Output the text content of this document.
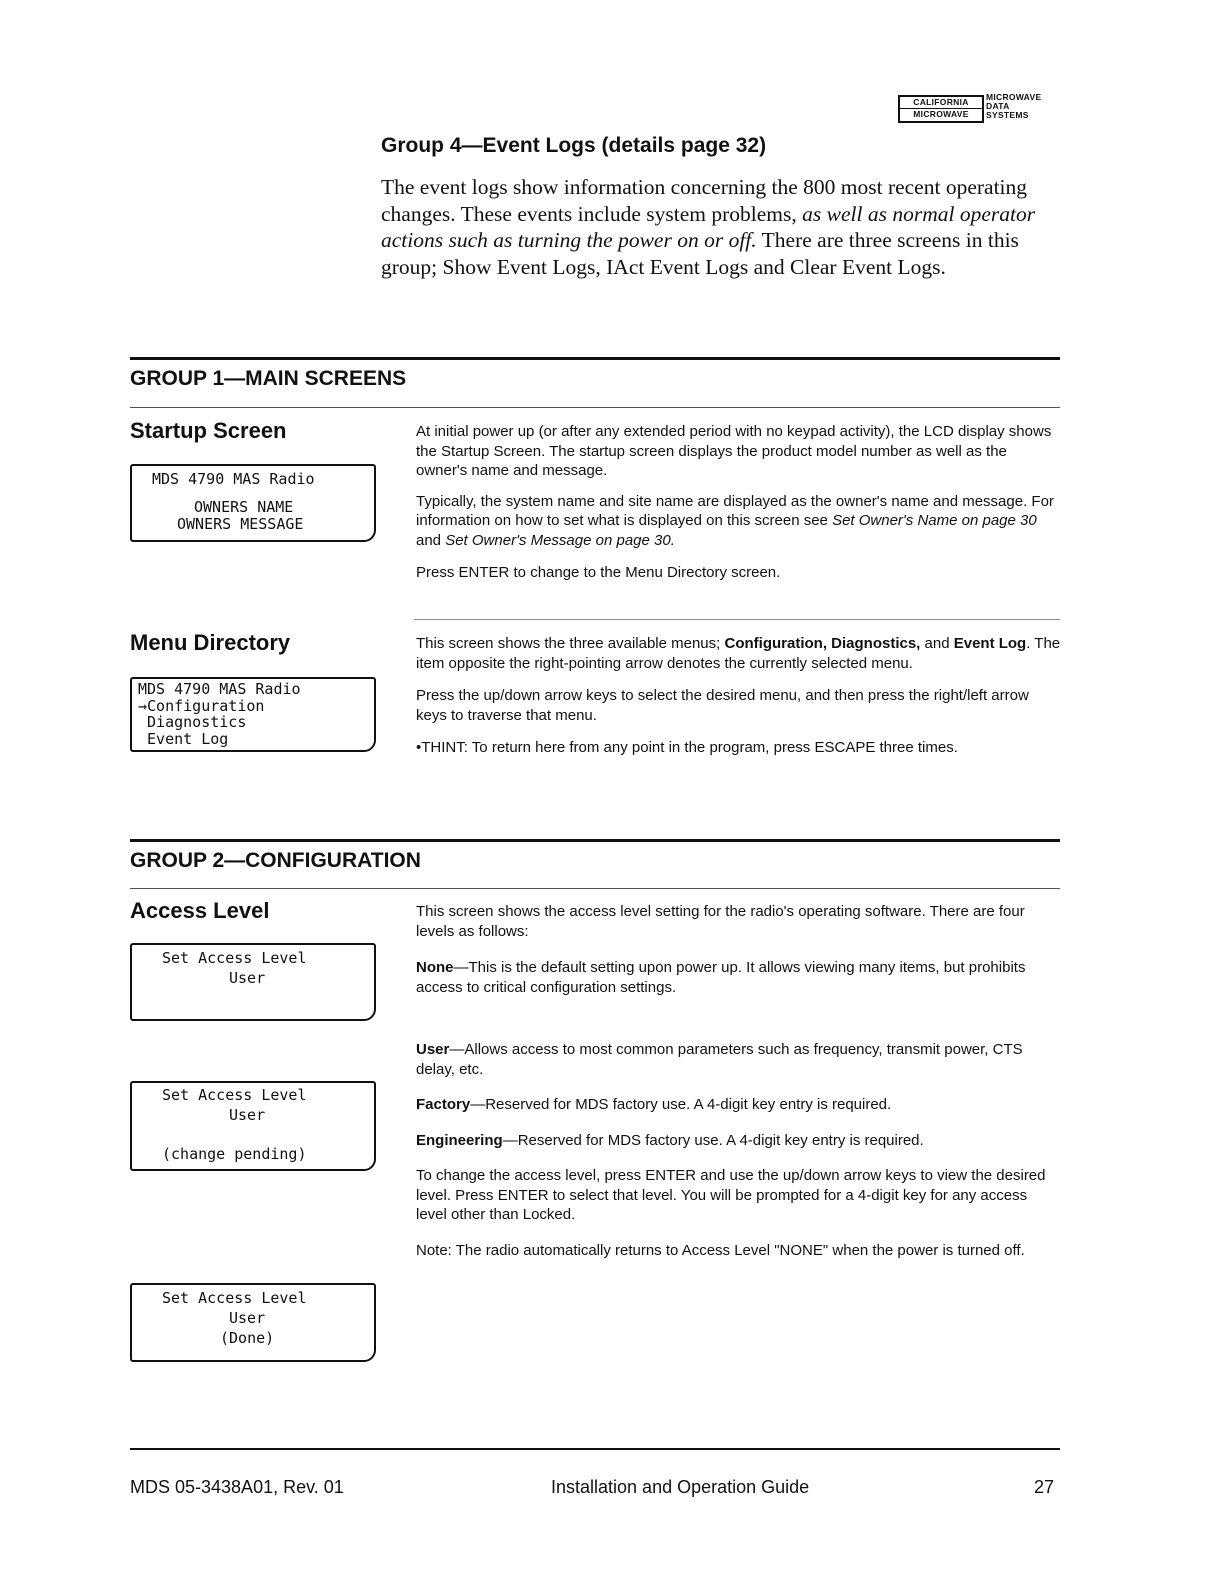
CALIFORNIA
MICROWAVE
MICROWAVE
DATA
SYSTEMS
Group 4—Event Logs (details page 32)
The event logs show information concerning the 800 most recent operating changes. These events include system problems, as well as normal operator actions such as turning the power on or off. There are three screens in this group; Show Event Logs, IAct Event Logs and Clear Event Logs.
GROUP 1—MAIN SCREENS
Startup Screen
MDS 4790 MAS Radio
OWNERS NAME
OWNERS MESSAGE

At initial power up (or after any extended period with no keypad activity), the LCD display shows the Startup Screen. The startup screen displays the product model number as well as the owner's name and message.

Typically, the system name and site name are displayed as the owner's name and message. For information on how to set what is displayed on this screen see Set Owner's Name on page 30 and Set Owner's Message on page 30.

Press ENTER to change to the Menu Directory screen.

Menu Directory
MDS 4790 MAS Radio
→Configuration
Diagnostics
Event Log

This screen shows the three available menus; Configuration, Diagnostics, and Event Log. The item opposite the right-pointing arrow denotes the currently selected menu.

Press the up/down arrow keys to select the desired menu, and then press the right/left arrow keys to traverse that menu.

•THINT: To return here from any point in the program, press ESCAPE three times.

GROUP 2—CONFIGURATION
Access Level
Set Access Level
User
Set Access Level
User
(change pending)
Set Access Level
User
(Done)

This screen shows the access level setting for the radio's operating software. There are four levels as follows:

None—This is the default setting upon power up. It allows viewing many items, but prohibits access to critical configuration settings.

User—Allows access to most common parameters such as frequency, transmit power, CTS delay, etc.

Factory—Reserved for MDS factory use. A 4-digit key entry is required.

Engineering—Reserved for MDS factory use. A 4-digit key entry is required.

To change the access level, press ENTER and use the up/down arrow keys to view the desired level. Press ENTER to select that level. You will be prompted for a 4-digit key for any access level other than Locked.

Note: The radio automatically returns to Access Level "NONE" when the power is turned off.

MDS 05-3438A01, Rev. 01	Installation and Operation Guide	27
